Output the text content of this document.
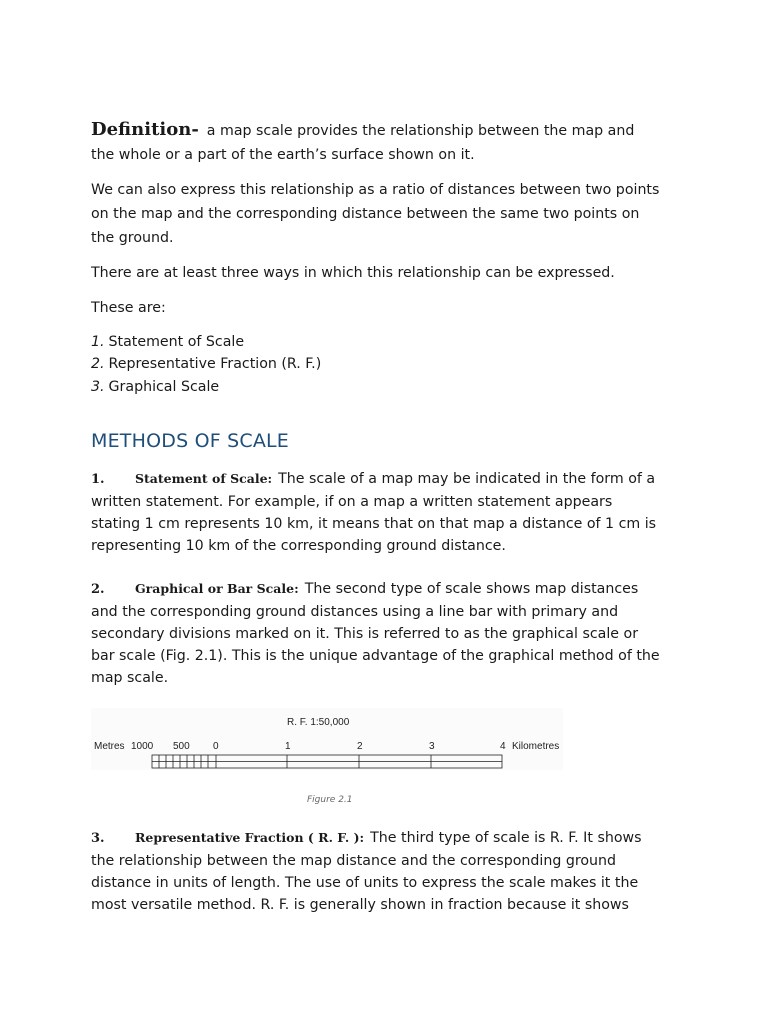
Definition- a map scale provides the relationship between the map and the whole or a part of the earth’s surface shown on it.

We can also express this relationship as a ratio of distances between two points on the map and the corresponding distance between the same two points on the ground.

There are at least three ways in which this relationship can be expressed.

These are:

1. Statement of Scale
2. Representative Fraction (R. F.)
3. Graphical Scale
METHODS OF SCALE

1. Statement of Scale: The scale of a map may be indicated in the form of a written statement. For example, if on a map a written statement appears stating 1 cm represents 10 km, it means that on that map a distance of 1 cm is representing 10 km of the corresponding ground distance.

2. Graphical or Bar Scale: The second type of scale shows map distances and the corresponding ground distances using a line bar with primary and secondary divisions marked on it. This is referred to as the graphical scale or bar scale (Fig. 2.1). This is the unique advantage of the graphical method of the map scale.

R. F. 1:50,000
Metres 1000 500 0	1	2	3	4 Kilometres
Figure 2.1

3. Representative Fraction ( R. F. ): The third type of scale is R. F. It shows the relationship between the map distance and the corresponding ground distance in units of length. The use of units to express the scale makes it the most versatile method. R. F. is generally shown in fraction because it shows
